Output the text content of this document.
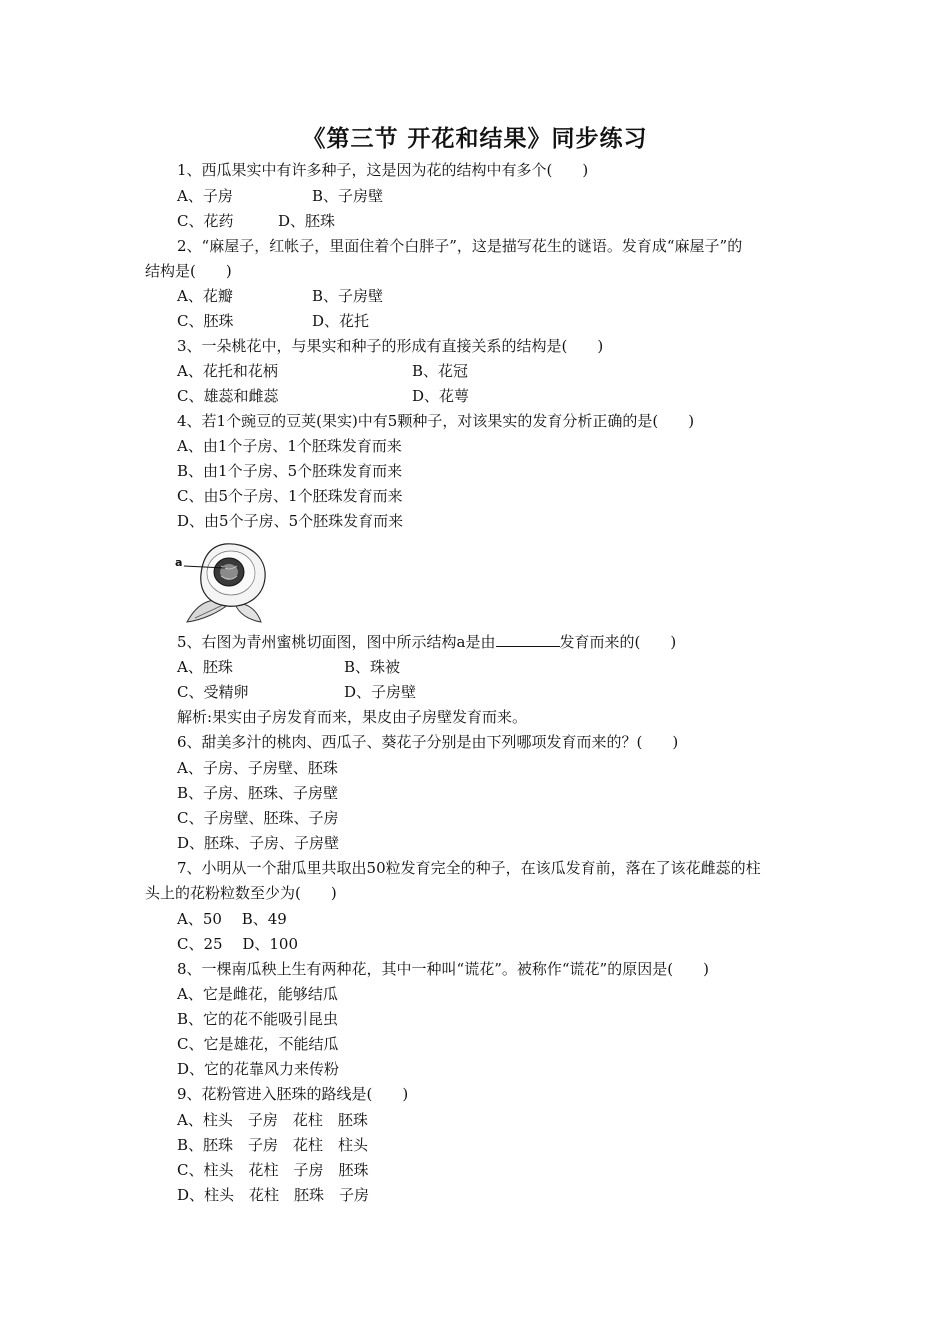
《第三节 开花和结果》同步练习
1、西瓜果实中有许多种子，这是因为花的结构中有多个(　　)
A、子房	B、子房壁
C、花药	D、胚珠
2、“麻屋子，红帐子，里面住着个白胖子”，这是描写花生的谜语。发育成“麻屋子”的
结构是(　　)
A、花瓣	B、子房壁
C、胚珠	D、花托
3、一朵桃花中，与果实和种子的形成有直接关系的结构是(　　)
A、花托和花柄	B、花冠
C、雄蕊和雌蕊	D、花萼
4、若1个豌豆的豆荚(果实)中有5颗种子，对该果实的发育分析正确的是(　　)
A、由1个子房、1个胚珠发育而来
B、由1个子房、5个胚珠发育而来
C、由5个子房、1个胚珠发育而来
D、由5个子房、5个胚珠发育而来
a
5、右图为青州蜜桃切面图，图中所示结构a是由	发育而来的(　　)
A、胚珠	B、珠被
C、受精卵	D、子房壁
解析:果实由子房发育而来，果皮由子房壁发育而来。
6、甜美多汁的桃肉、西瓜子、葵花子分别是由下列哪项发育而来的？(　　)
A、子房、子房壁、胚珠
B、子房、胚珠、子房壁
C、子房壁、胚珠、子房
D、胚珠、子房、子房壁
7、小明从一个甜瓜里共取出50粒发育完全的种子，在该瓜发育前，落在了该花雌蕊的柱
头上的花粉粒数至少为(　　)
A、50　 B、49
C、25　 D、100
8、一棵南瓜秧上生有两种花，其中一种叫“谎花”。被称作“谎花”的原因是(　　)
A、它是雌花，能够结瓜
B、它的花不能吸引昆虫
C、它是雄花，不能结瓜
D、它的花靠风力来传粉
9、花粉管进入胚珠的路线是(　　)
A、柱头　子房　花柱　胚珠
B、胚珠　子房　花柱　柱头
C、柱头　花柱　子房　胚珠
D、柱头　花柱　胚珠　子房
